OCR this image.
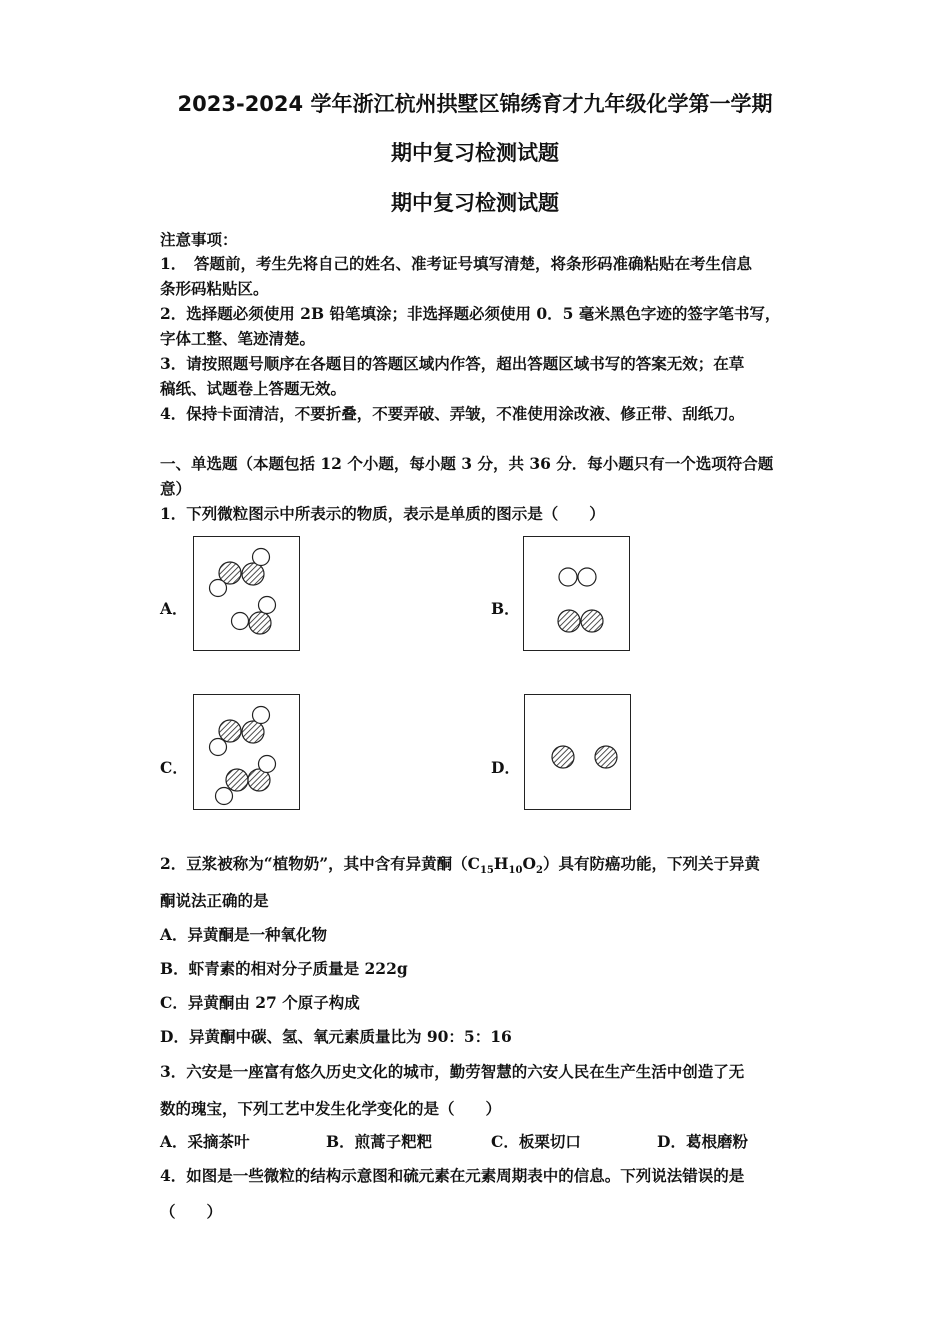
2023-2024 学年浙江杭州拱墅区锦绣育才九年级化学第一学期
期中复习检测试题
期中复习检测试题
注意事项：
1．　答题前，考生先将自己的姓名、准考证号填写清楚，将条形码准确粘贴在考生信息
条形码粘贴区。
2．选择题必须使用 2B 铅笔填涂；非选择题必须使用 0．5 毫米黑色字迹的签字笔书写，
字体工整、笔迹清楚。
3．请按照题号顺序在各题目的答题区域内作答，超出答题区域书写的答案无效；在草
稿纸、试题卷上答题无效。
4．保持卡面清洁，不要折叠，不要弄破、弄皱，不准使用涂改液、修正带、刮纸刀。
一、单选题（本题包括 12 个小题，每小题 3 分，共 36 分．每小题只有一个选项符合题
意）
1．下列微粒图示中所表示的物质，表示是单质的图示是（　　）
A．	B．
C．	D．
2．豆浆被称为“植物奶”，其中含有异黄酮$(C_{15}H_{10}O_2)$具有防癌功能，下列关于异黄
酮说法正确的是
A．异黄酮是一种氧化物
B．虾青素的相对分子质量是 222g
C．异黄酮由 27 个原子构成
D．异黄酮中碳、氢、氧元素质量比为 90：5：16
3．六安是一座富有悠久历史文化的城市，勤劳智慧的六安人民在生产生活中创造了无
数的瑰宝，下列工艺中发生化学变化的是（　　）
A．采摘茶叶	B．煎蒿子粑粑	C．板栗切口	D．葛根磨粉
4．如图是一些微粒的结构示意图和硫元素在元素周期表中的信息。下列说法错误的是
（　　）
